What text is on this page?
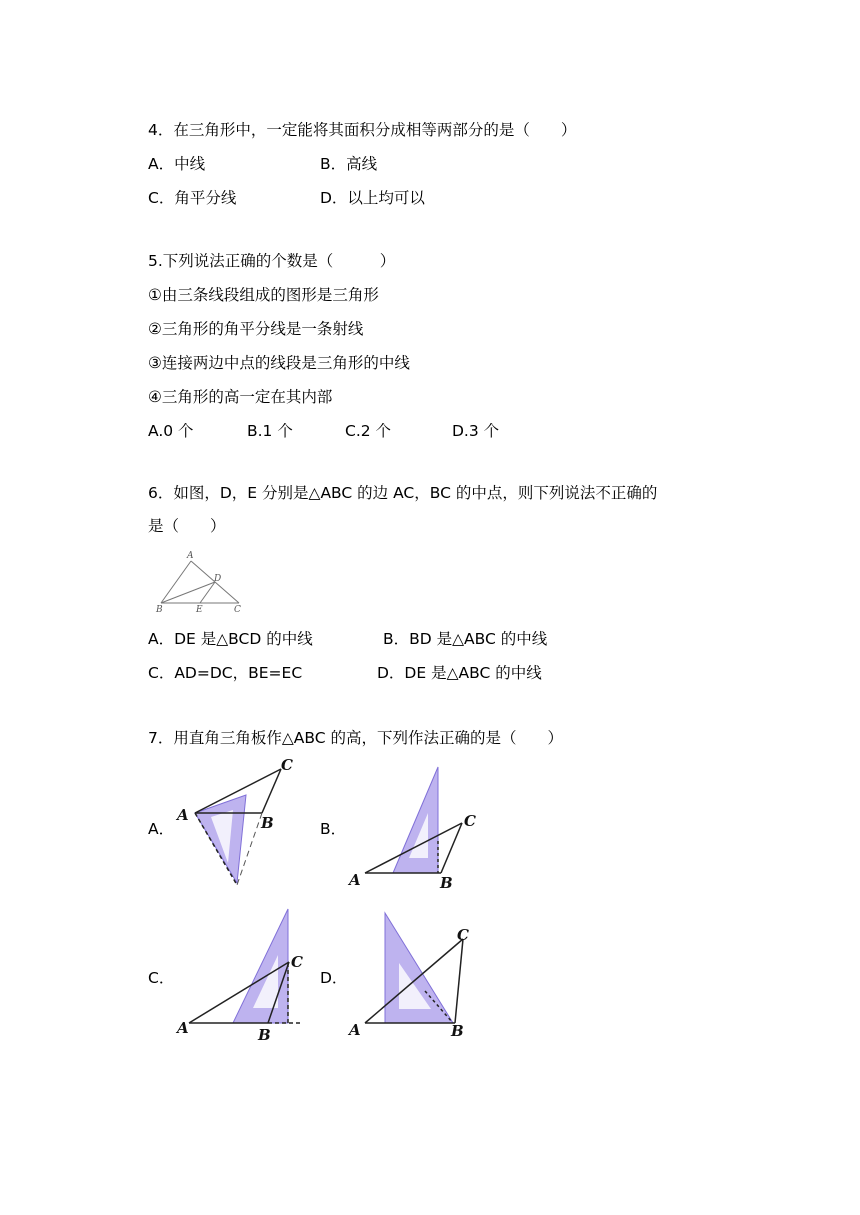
4．在三角形中，一定能将其面积分成相等两部分的是（　　）
A．中线	B．高线
C．角平分线	D．以上均可以
5.下列说法正确的个数是（　　　）
①由三条线段组成的图形是三角形
②三角形的角平分线是一条射线
③连接两边中点的线段是三角形的中线
④三角形的高一定在其内部
A.0 个	B.1 个	C.2 个	D.3 个
6．如图，D，E 分别是△ABC 的边 AC，BC 的中点，则下列说法不正确的
是（　　）
A
D
B	E	C
A．DE 是△BCD 的中线	B．BD 是△ABC 的中线
C．AD=DC，BE=EC	D．DE 是△ABC 的中线
7．用直角三角板作△ABC 的高，下列作法正确的是（　　）
A．	B．
C．	D．
A	B
C
A	B
C
A	B
C
A	B
C
